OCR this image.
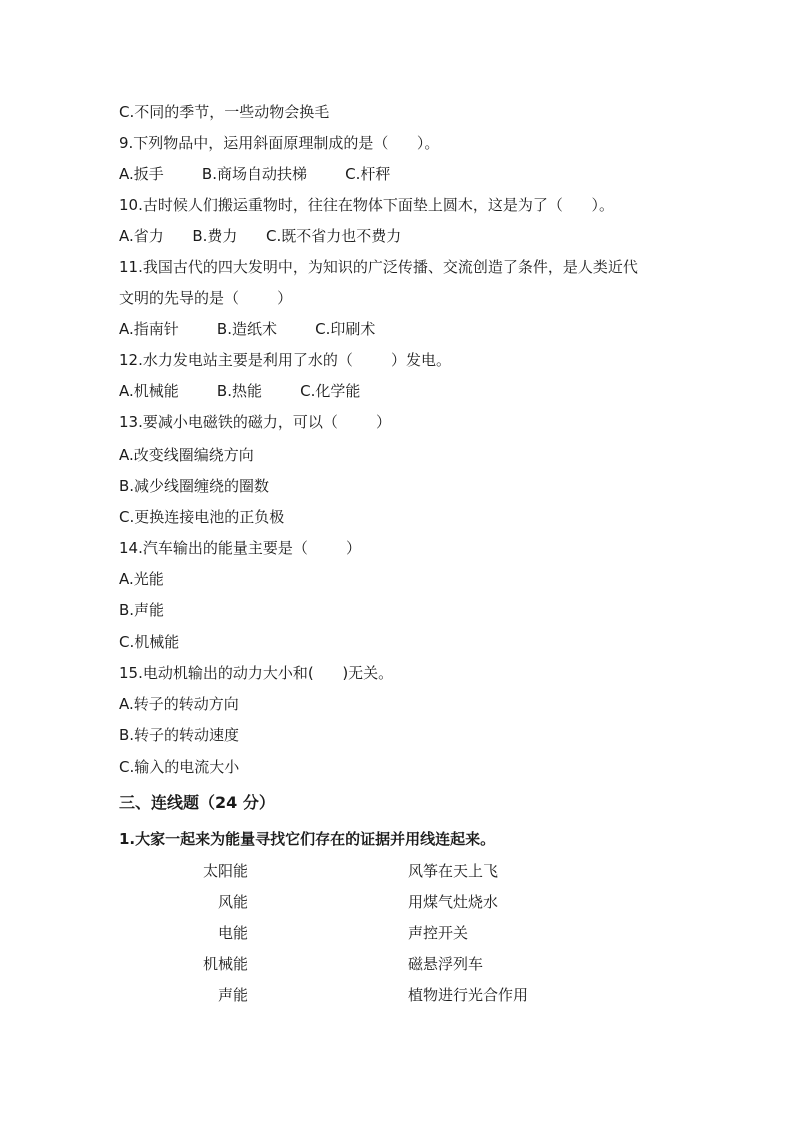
C.不同的季节，一些动物会换毛
9.下列物品中，运用斜面原理制成的是（      ）。
A.扳手        B.商场自动扶梯        C.杆秤
10.古时候人们搬运重物时，往往在物体下面垫上圆木，这是为了（      ）。
A.省力      B.费力      C.既不省力也不费力
11.我国古代的四大发明中，为知识的广泛传播、交流创造了条件，是人类近代
文明的先导的是（        ）
A.指南针        B.造纸术        C.印刷术
12.水力发电站主要是利用了水的（        ）发电。
A.机械能        B.热能        C.化学能
13.要减小电磁铁的磁力，可以（        ）
A.改变线圈编绕方向
B.减少线圈缠绕的圈数
C.更换连接电池的正负极
14.汽车输出的能量主要是（        ）
A.光能
B.声能
C.机械能
15.电动机输出的动力大小和(      )无关。
A.转子的转动方向
B.转子的转动速度
C.输入的电流大小
三、连线题（24 分）
1.大家一起来为能量寻找它们存在的证据并用线连起来。
太阳能
风能
电能
机械能
声能
风筝在天上飞
用煤气灶烧水
声控开关
磁悬浮列车
植物进行光合作用
